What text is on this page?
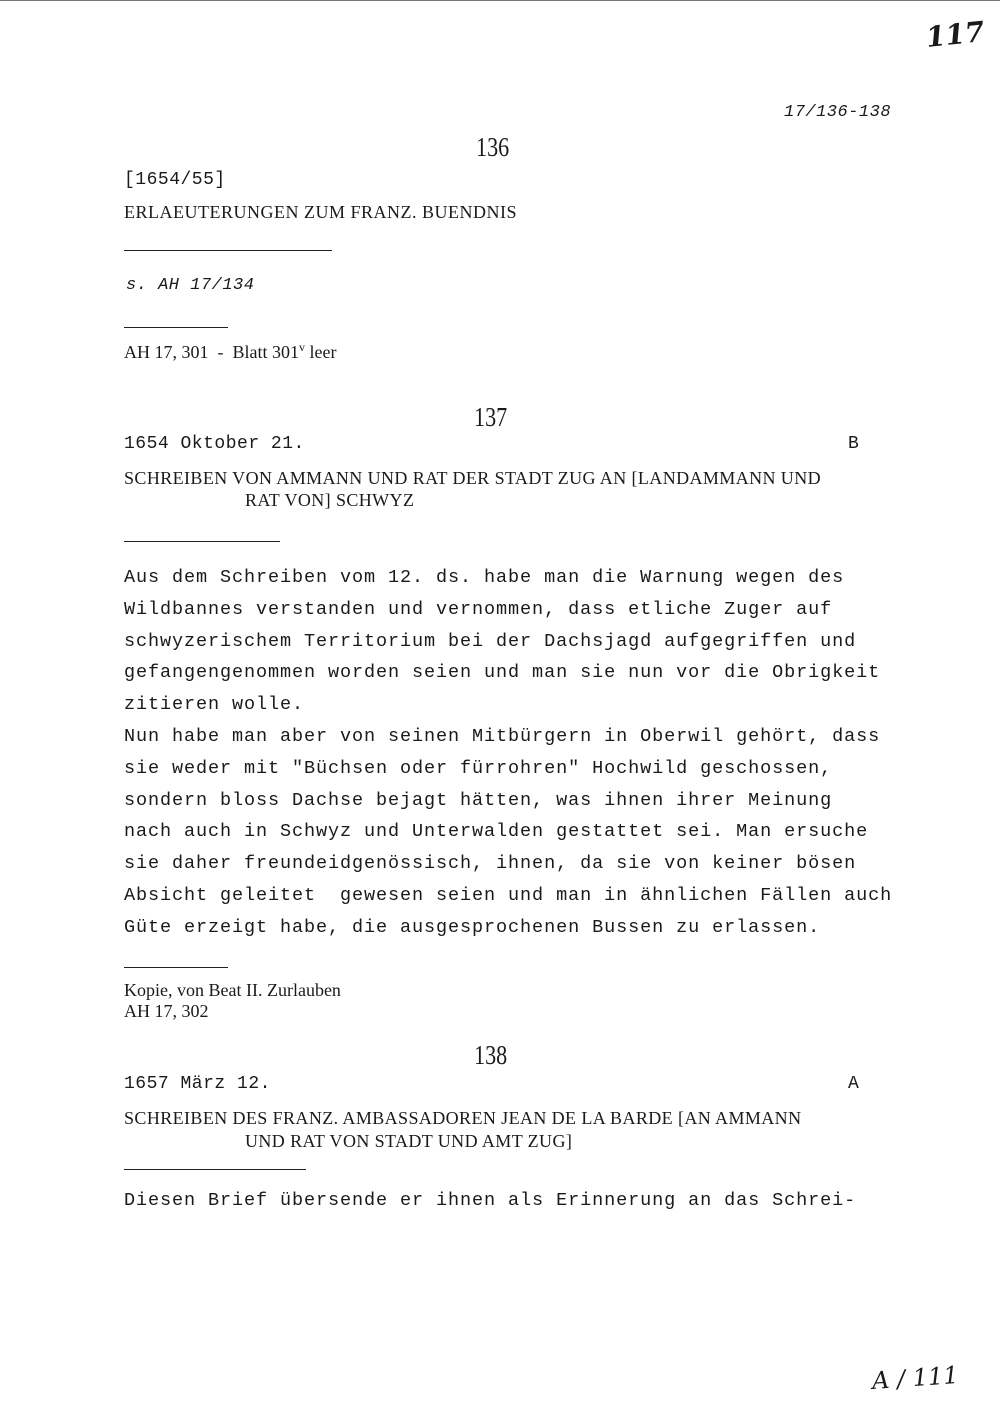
117
17/136-138
136
[1654/55]
ERLAEUTERUNGEN ZUM FRANZ. BUENDNIS
s. AH 17/134
AH 17, 301  -  Blatt 301$^v$ leer
137
1654 Oktober 21.	B
SCHREIBEN VON AMMANN UND RAT DER STADT ZUG AN [LANDAMMANN UND
RAT VON] SCHWYZ
Aus dem Schreiben vom 12. ds. habe man die Warnung wegen des
Wildbannes verstanden und vernommen, dass etliche Zuger auf
schwyzerischem Territorium bei der Dachsjagd aufgegriffen und
gefangengenommen worden seien und man sie nun vor die Obrigkeit
zitieren wolle.
Nun habe man aber von seinen Mitbürgern in Oberwil gehört, dass
sie weder mit "Büchsen oder fürrohren" Hochwild geschossen,
sondern bloss Dachse bejagt hätten, was ihnen ihrer Meinung
nach auch in Schwyz und Unterwalden gestattet sei. Man ersuche
sie daher freundeidgenössisch, ihnen, da sie von keiner bösen
Absicht geleitet  gewesen seien und man in ähnlichen Fällen auch
Güte erzeigt habe, die ausgesprochenen Bussen zu erlassen.
Kopie, von Beat II. Zurlauben
AH 17, 302
138
1657 März 12.	A
SCHREIBEN DES FRANZ. AMBASSADOREN JEAN DE LA BARDE [AN AMMANN
UND RAT VON STADT UND AMT ZUG]
Diesen Brief übersende er ihnen als Erinnerung an das Schrei-
A / 111
